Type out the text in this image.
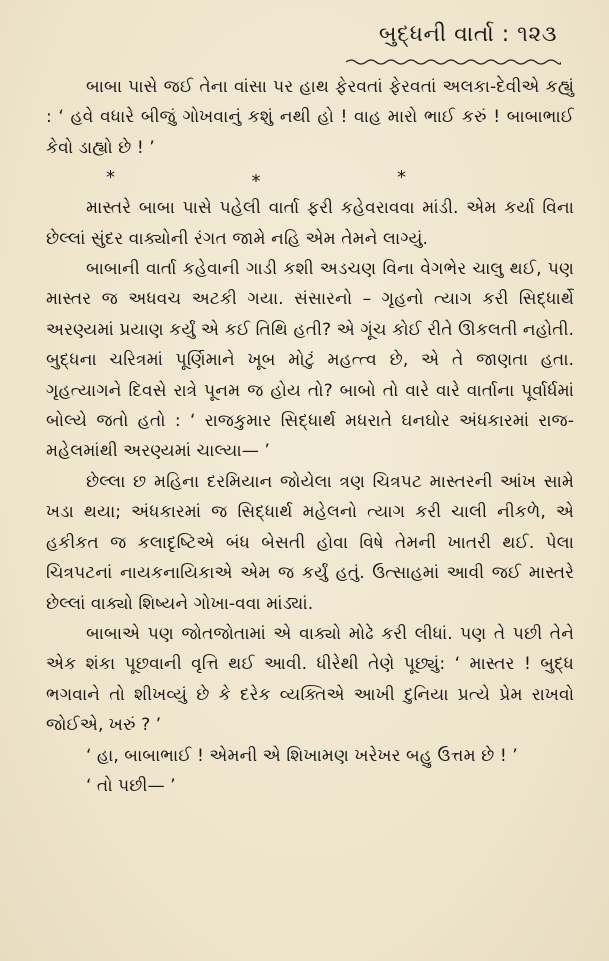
બુદ્ધની વાર્તા : ૧૨૩

બાબા પાસે જઈ તેના વાંસા પર હાથ ફેરવતાં ફેરવતાં અલકા-દેવીએ કહ્યું : ‘ હવે વધારે બીજું ગોખવાનું કશું નથી હો ! વાહ મારો ભાઈ કરું ! બાબાભાઈ કેવો ડાહ્યો છે ! ’

*	*	*

માસ્તરે બાબા પાસે પહેલી વાર્તા ફરી કહેવરાવવા માંડી. એમ કર્યા વિના છેલ્લાં સુંદર વાક્યોની રંગત જામે નહિ એમ તેમને લાગ્યું.

બાબાની વાર્તા કહેવાની ગાડી કશી અડચણ વિના વેગભેર ચાલુ થઈ, પણ માસ્તર જ અધવચ અટકી ગયા. સંસારનો – ગૃહનો ત્યાગ કરી સિદ્ધાર્થે અરણ્યમાં પ્રયાણ કર્યું એ કઈ તિથિ હતી? એ ગૂંચ કોઈ રીતે ઊકલતી નહોતી. બુદ્ધના ચરિત્રમાં પૂર્ણિમાને ખૂબ મોટું મહત્ત્વ છે, એ તે જાણતા હતા. ગૃહત્યાગને દિવસે રાત્રે પૂનમ જ હોય તો? બાબો તો વારે વારે વાર્તાના પૂર્વાર્ધમાં બોલ્યે જતો હતો : ‘ રાજકુમાર સિદ્ધાર્થ મધરાતે ઘનઘોર અંધકારમાં રાજ-મહેલમાંથી અરણ્યમાં ચાલ્યા— ’

છેલ્લા છ મહિના દરમિયાન જોયેલા ત્રણ ચિત્રપટ માસ્તરની આંખ સામે ખડા થયા; અંધકારમાં જ સિદ્ધાર્થ મહેલનો ત્યાગ કરી ચાલી નીકળે, એ હકીકત જ કલાદૃષ્ટિએ બંધ બેસતી હોવા વિષે તેમની ખાતરી થઈ. પેલા ચિત્રપટનાં નાયકનાયિકાએ એમ જ કર્યું હતું. ઉત્સાહમાં આવી જઈ માસ્તરે છેલ્લાં વાક્યો શિષ્યને ગોખા-વવા માંડ્યાં.

બાબાએ પણ જોતજોતામાં એ વાક્યો મોઢે કરી લીધાં. પણ તે પછી તેને એક શંકા પૂછવાની વૃત્તિ થઈ આવી. ધીરેથી તેણે પૂછ્યું: ‘ માસ્તર ! બુદ્ધ ભગવાને તો શીખવ્યું છે કે દરેક વ્યક્તિએ આખી દુનિયા પ્રત્યે પ્રેમ રાખવો જોઈએ, ખરું ? ’

‘ હા, બાબાભાઈ ! એમની એ શિખામણ ખરેખર બહુ ઉત્તમ છે ! ’

‘ તો પછી— ’
